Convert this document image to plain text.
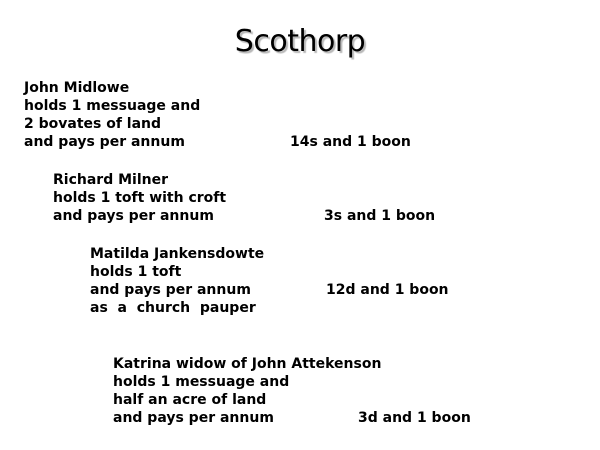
Scothorp
John Midlowe
holds 1 messuage and
2 bovates of land
and pays per annum	14s and 1 boon
Richard Milner
holds 1 toft with croft
and pays per annum	3s and 1 boon
Matilda Jankensdowte
holds 1 toft
and pays per annum
as  a  church  pauper
12d and 1 boon
Katrina widow of John Attekenson
holds 1 messuage and
half an acre of land
and pays per annum	3d and 1 boon
